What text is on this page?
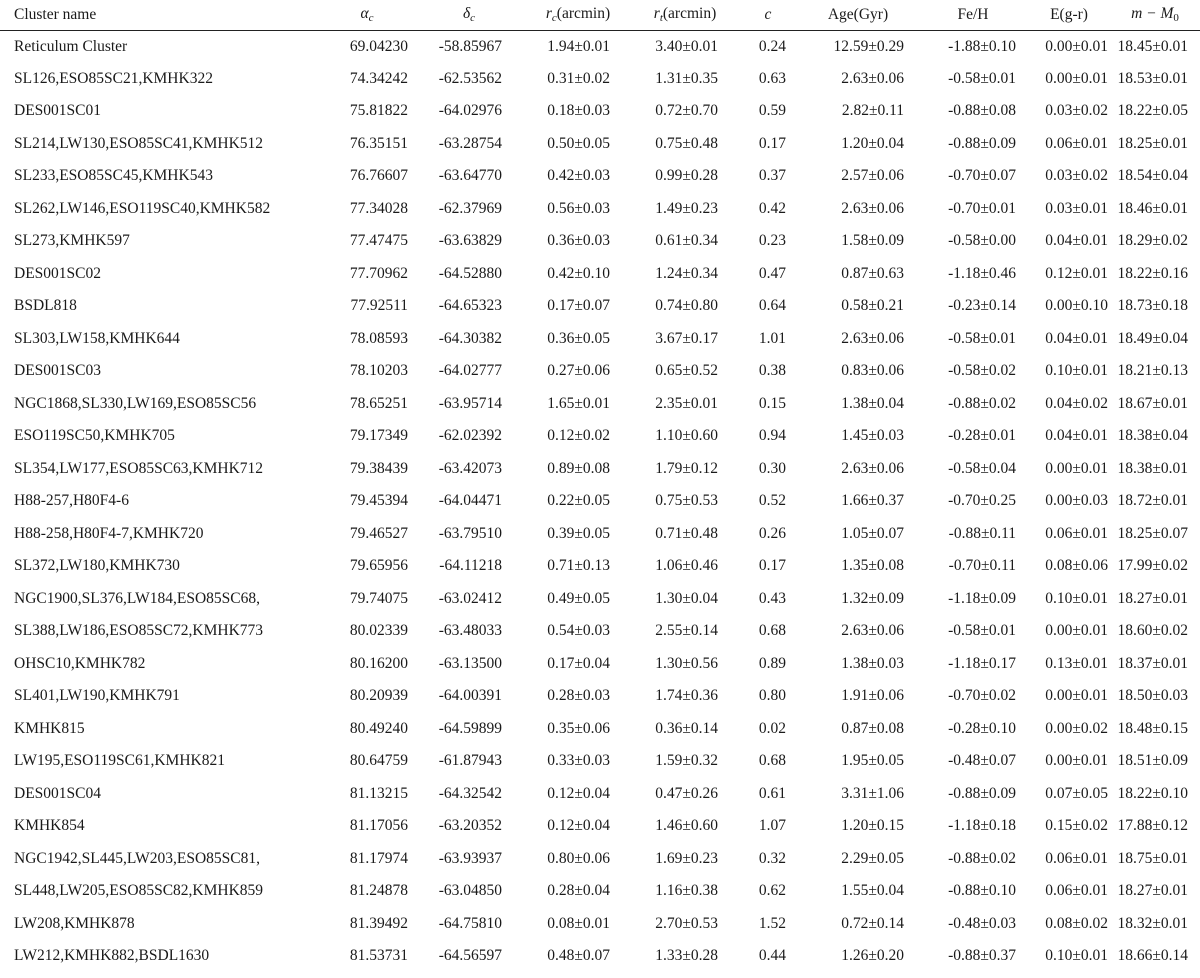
Cluster name	$\alpha_c$	$\delta_c$	$r_c(arcmin)$	$r_t(arcmin)$	c	Age(Gyr)	Fe/H	E(g-r)	m − M0
Reticulum Cluster	69.04230	-58.85967	1.94±0.01	3.40±0.01	0.24	12.59±0.29	-1.88±0.10	0.00±0.01	18.45±0.01
SL126,ESO85SC21,KMHK322	74.34242	-62.53562	0.31±0.02	1.31±0.35	0.63	2.63±0.06	-0.58±0.01	0.00±0.01	18.53±0.01
DES001SC01	75.81822	-64.02976	0.18±0.03	0.72±0.70	0.59	2.82±0.11	-0.88±0.08	0.03±0.02	18.22±0.05
SL214,LW130,ESO85SC41,KMHK512	76.35151	-63.28754	0.50±0.05	0.75±0.48	0.17	1.20±0.04	-0.88±0.09	0.06±0.01	18.25±0.01
SL233,ESO85SC45,KMHK543	76.76607	-63.64770	0.42±0.03	0.99±0.28	0.37	2.57±0.06	-0.70±0.07	0.03±0.02	18.54±0.04
SL262,LW146,ESO119SC40,KMHK582	77.34028	-62.37969	0.56±0.03	1.49±0.23	0.42	2.63±0.06	-0.70±0.01	0.03±0.01	18.46±0.01
SL273,KMHK597	77.47475	-63.63829	0.36±0.03	0.61±0.34	0.23	1.58±0.09	-0.58±0.00	0.04±0.01	18.29±0.02
DES001SC02	77.70962	-64.52880	0.42±0.10	1.24±0.34	0.47	0.87±0.63	-1.18±0.46	0.12±0.01	18.22±0.16
BSDL818	77.92511	-64.65323	0.17±0.07	0.74±0.80	0.64	0.58±0.21	-0.23±0.14	0.00±0.10	18.73±0.18
SL303,LW158,KMHK644	78.08593	-64.30382	0.36±0.05	3.67±0.17	1.01	2.63±0.06	-0.58±0.01	0.04±0.01	18.49±0.04
DES001SC03	78.10203	-64.02777	0.27±0.06	0.65±0.52	0.38	0.83±0.06	-0.58±0.02	0.10±0.01	18.21±0.13
NGC1868,SL330,LW169,ESO85SC56	78.65251	-63.95714	1.65±0.01	2.35±0.01	0.15	1.38±0.04	-0.88±0.02	0.04±0.02	18.67±0.01
ESO119SC50,KMHK705	79.17349	-62.02392	0.12±0.02	1.10±0.60	0.94	1.45±0.03	-0.28±0.01	0.04±0.01	18.38±0.04
SL354,LW177,ESO85SC63,KMHK712	79.38439	-63.42073	0.89±0.08	1.79±0.12	0.30	2.63±0.06	-0.58±0.04	0.00±0.01	18.38±0.01
H88-257,H80F4-6	79.45394	-64.04471	0.22±0.05	0.75±0.53	0.52	1.66±0.37	-0.70±0.25	0.00±0.03	18.72±0.01
H88-258,H80F4-7,KMHK720	79.46527	-63.79510	0.39±0.05	0.71±0.48	0.26	1.05±0.07	-0.88±0.11	0.06±0.01	18.25±0.07
SL372,LW180,KMHK730	79.65956	-64.11218	0.71±0.13	1.06±0.46	0.17	1.35±0.08	-0.70±0.11	0.08±0.06	17.99±0.02
NGC1900,SL376,LW184,ESO85SC68,	79.74075	-63.02412	0.49±0.05	1.30±0.04	0.43	1.32±0.09	-1.18±0.09	0.10±0.01	18.27±0.01
SL388,LW186,ESO85SC72,KMHK773	80.02339	-63.48033	0.54±0.03	2.55±0.14	0.68	2.63±0.06	-0.58±0.01	0.00±0.01	18.60±0.02
OHSC10,KMHK782	80.16200	-63.13500	0.17±0.04	1.30±0.56	0.89	1.38±0.03	-1.18±0.17	0.13±0.01	18.37±0.01
SL401,LW190,KMHK791	80.20939	-64.00391	0.28±0.03	1.74±0.36	0.80	1.91±0.06	-0.70±0.02	0.00±0.01	18.50±0.03
KMHK815	80.49240	-64.59899	0.35±0.06	0.36±0.14	0.02	0.87±0.08	-0.28±0.10	0.00±0.02	18.48±0.15
LW195,ESO119SC61,KMHK821	80.64759	-61.87943	0.33±0.03	1.59±0.32	0.68	1.95±0.05	-0.48±0.07	0.00±0.01	18.51±0.09
DES001SC04	81.13215	-64.32542	0.12±0.04	0.47±0.26	0.61	3.31±1.06	-0.88±0.09	0.07±0.05	18.22±0.10
KMHK854	81.17056	-63.20352	0.12±0.04	1.46±0.60	1.07	1.20±0.15	-1.18±0.18	0.15±0.02	17.88±0.12
NGC1942,SL445,LW203,ESO85SC81,	81.17974	-63.93937	0.80±0.06	1.69±0.23	0.32	2.29±0.05	-0.88±0.02	0.06±0.01	18.75±0.01
SL448,LW205,ESO85SC82,KMHK859	81.24878	-63.04850	0.28±0.04	1.16±0.38	0.62	1.55±0.04	-0.88±0.10	0.06±0.01	18.27±0.01
LW208,KMHK878	81.39492	-64.75810	0.08±0.01	2.70±0.53	1.52	0.72±0.14	-0.48±0.03	0.08±0.02	18.32±0.01
LW212,KMHK882,BSDL1630	81.53731	-64.56597	0.48±0.07	1.33±0.28	0.44	1.26±0.20	-0.88±0.37	0.10±0.01	18.66±0.14
